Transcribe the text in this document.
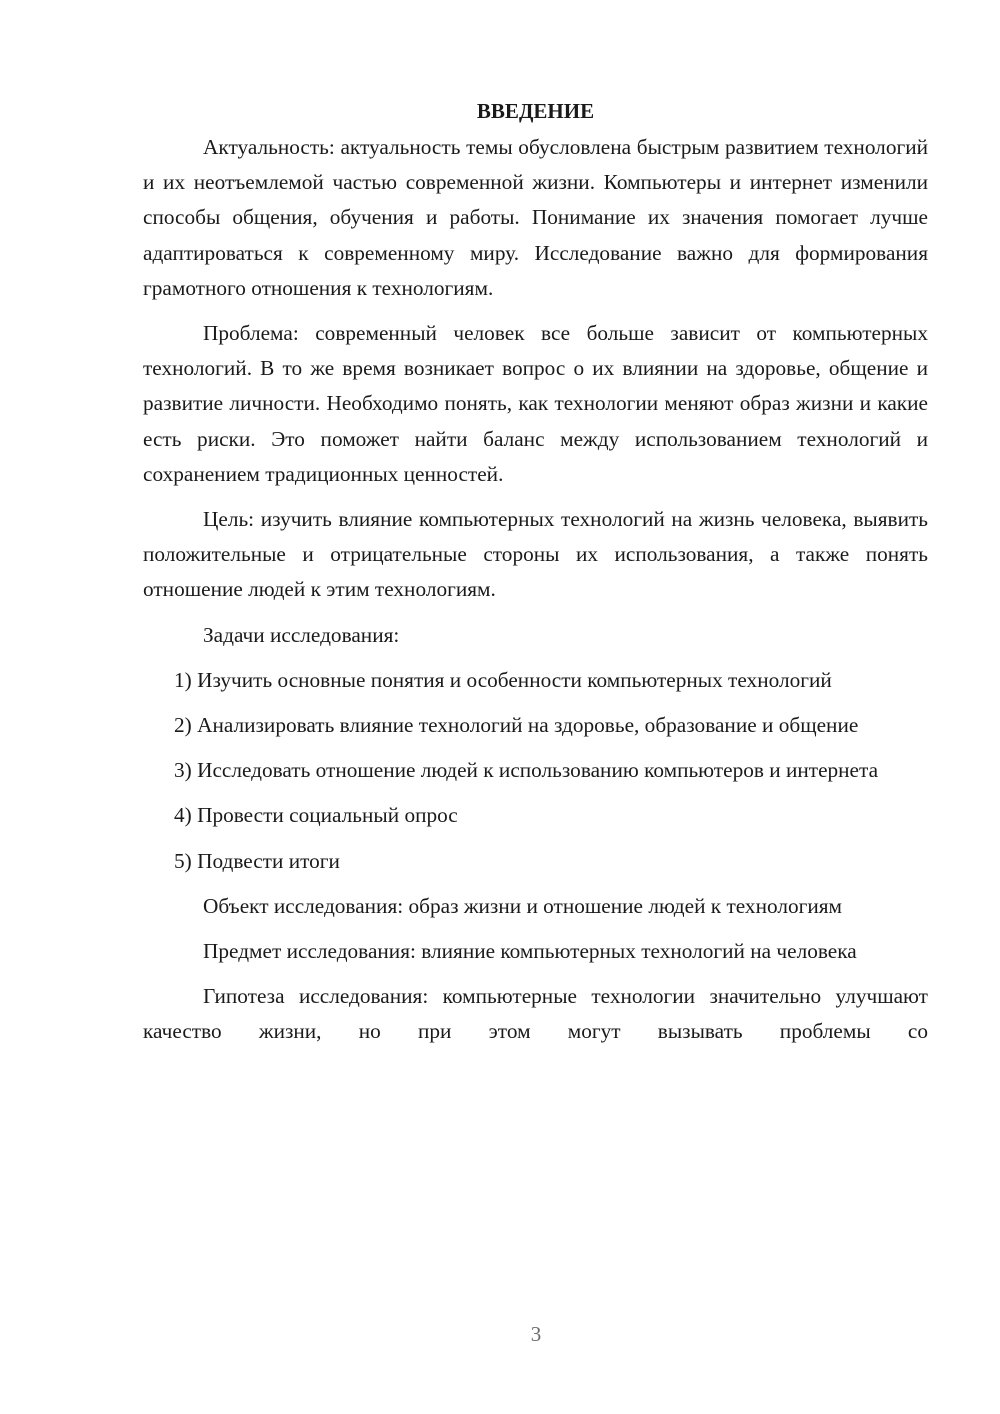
ВВЕДЕНИЕ

Актуальность: актуальность темы обусловлена быстрым развитием технологий и их неотъемлемой частью современной жизни. Компьютеры и интернет изменили способы общения, обучения и работы. Понимание их значения помогает лучше адаптироваться к современному миру. Исследование важно для формирования грамотного отношения к технологиям.

Проблема: современный человек все больше зависит от компьютерных технологий. В то же время возникает вопрос о их влиянии на здоровье, общение и развитие личности. Необходимо понять, как технологии меняют образ жизни и какие есть риски. Это поможет найти баланс между использованием технологий и сохранением традиционных ценностей.

Цель: изучить влияние компьютерных технологий на жизнь человека, выявить положительные и отрицательные стороны их использования, а также понять отношение людей к этим технологиям.

Задачи исследования:

1) Изучить основные понятия и особенности компьютерных технологий

2) Анализировать влияние технологий на здоровье, образование и общение

3) Исследовать отношение людей к использованию компьютеров и интернета

4) Провести социальный опрос

5) Подвести итоги

Объект исследования: образ жизни и отношение людей к технологиям

Предмет исследования: влияние компьютерных технологий на человека

Гипотеза исследования: компьютерные технологии значительно улучшают качество жизни, но при этом могут вызывать проблемы со

3
